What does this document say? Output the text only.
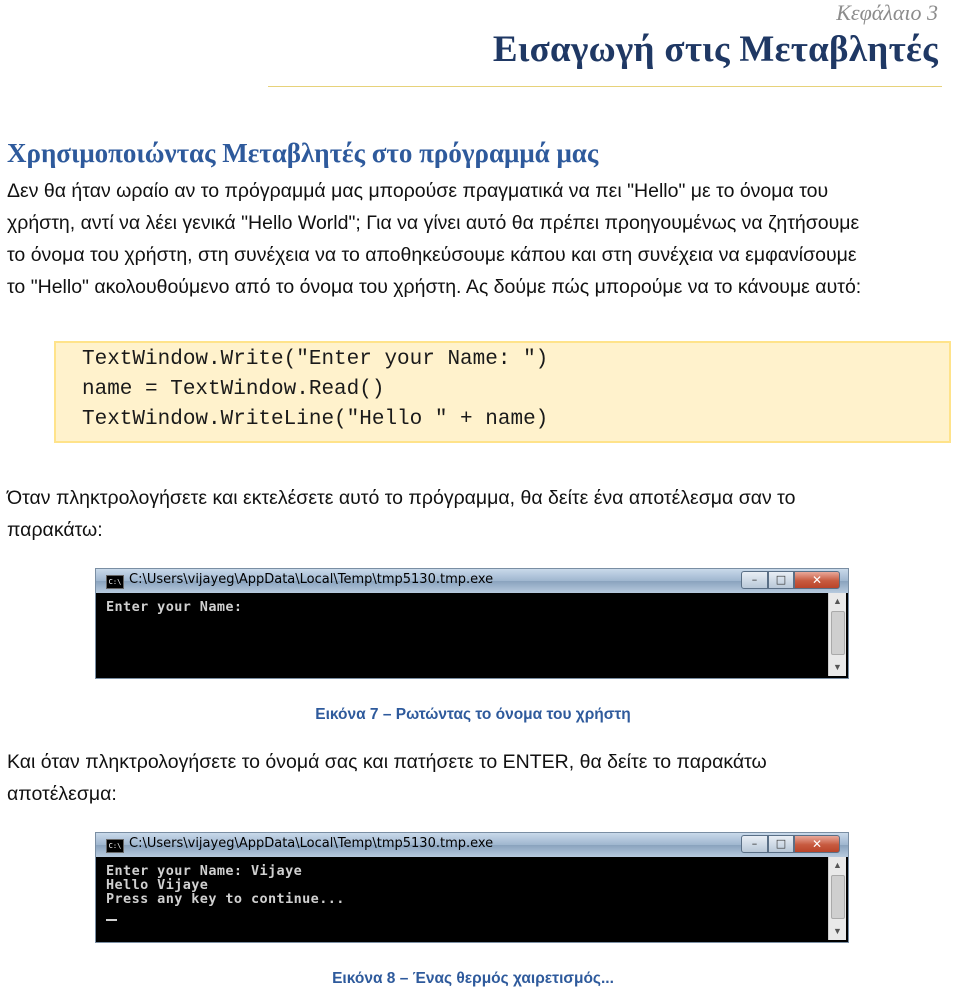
Κεφάλαιο 3
Εισαγωγή στις Μεταβλητές
Χρησιμοποιώντας Μεταβλητές στο πρόγραμμά μας
Δεν θα ήταν ωραίο αν το πρόγραμμά μας μπορούσε πραγματικά να πει "Hello" με το όνομα του
χρήστη, αντί να λέει γενικά "Hello World"; Για να γίνει αυτό θα πρέπει προηγουμένως να ζητήσουμε
το όνομα του χρήστη, στη συνέχεια να το αποθηκεύσουμε κάπου και στη συνέχεια να εμφανίσουμε
το "Hello" ακολουθούμενο από το όνομα του χρήστη. Ας δούμε πώς μπορούμε να το κάνουμε αυτό:
TextWindow.Write("Enter your Name: ")
name = TextWindow.Read()
TextWindow.WriteLine("Hello " + name)
Όταν πληκτρολογήσετε και εκτελέσετε αυτό το πρόγραμμα, θα δείτε ένα αποτέλεσμα σαν το
παρακάτω:
C:\ C:\Users\vijayeg\AppData\Local\Temp\tmp5130.tmp.exe	–	□	✕
Enter your Name:	▲
▼
Εικόνα 7 – Ρωτώντας το όνομα του χρήστη
Και όταν πληκτρολογήσετε το όνομά σας και πατήσετε το ENTER, θα δείτε το παρακάτω
αποτέλεσμα:
C:\ C:\Users\vijayeg\AppData\Local\Temp\tmp5130.tmp.exe	–	□	✕
Enter your Name: Vijaye
Hello Vijaye
Press any key to continue...
▲
▼
Εικόνα 8 – Ένας θερμός χαιρετισμός...
